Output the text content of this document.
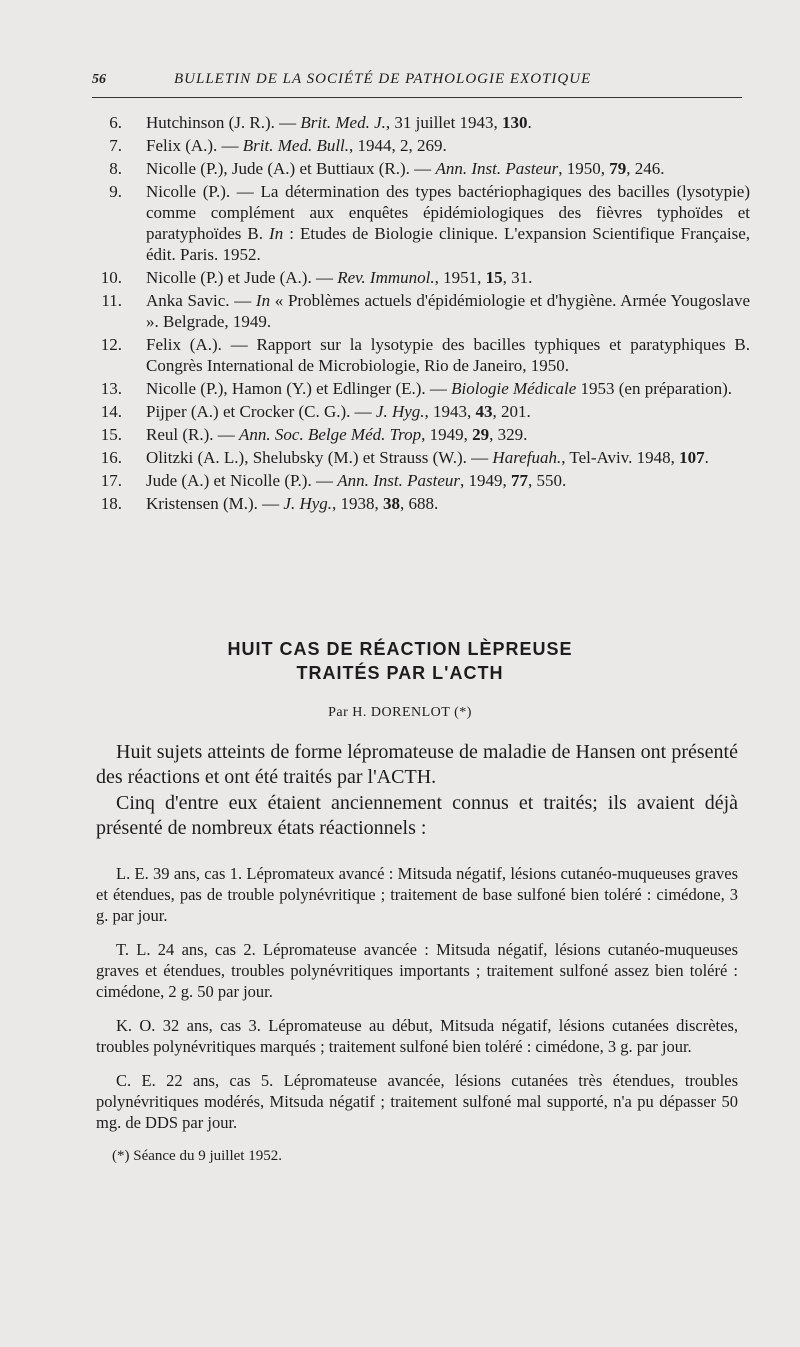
56	BULLETIN DE LA SOCIÉTÉ DE PATHOLOGIE EXOTIQUE
6. Hutchinson (J. R.). — Brit. Med. J., 31 juillet 1943, 130.
7. Felix (A.). — Brit. Med. Bull., 1944, 2, 269.
8. Nicolle (P.), Jude (A.) et Buttiaux (R.). — Ann. Inst. Pasteur, 1950, 79, 246.
9. Nicolle (P.). — La détermination des types bactériophagiques des bacilles (lysotypie) comme complément aux enquêtes épidémiologiques des fièvres typhoïdes et paratyphoïdes B. In : Etudes de Biologie clinique. L'expansion Scientifique Française, édit. Paris. 1952.
10. Nicolle (P.) et Jude (A.). — Rev. Immunol., 1951, 15, 31.
11. Anka Savic. — In « Problèmes actuels d'épidémiologie et d'hygiène. Armée Yougoslave ». Belgrade, 1949.
12. Felix (A.). — Rapport sur la lysotypie des bacilles typhiques et paratyphiques B. Congrès International de Microbiologie, Rio de Janeiro, 1950.
13. Nicolle (P.), Hamon (Y.) et Edlinger (E.). — Biologie Médicale 1953 (en préparation).
14. Pijper (A.) et Crocker (C. G.). — J. Hyg., 1943, 43, 201.
15. Reul (R.). — Ann. Soc. Belge Méd. Trop, 1949, 29, 329.
16. Olitzki (A. L.), Shelubsky (M.) et Strauss (W.). — Harefuah., Tel-Aviv. 1948, 107.
17. Jude (A.) et Nicolle (P.). — Ann. Inst. Pasteur, 1949, 77, 550.
18. Kristensen (M.). — J. Hyg., 1938, 38, 688.
HUIT CAS DE RÉACTION LÈPREUSE
TRAITÉS PAR L'ACTH
Par H. DORENLOT (*)

Huit sujets atteints de forme lépromateuse de maladie de Hansen ont présenté des réactions et ont été traités par l'ACTH.

Cinq d'entre eux étaient anciennement connus et traités; ils avaient déjà présenté de nombreux états réactionnels :

L. E. 39 ans, cas 1. Lépromateux avancé : Mitsuda négatif, lésions cutanéo-muqueuses graves et étendues, pas de trouble polynévritique ; traitement de base sulfoné bien toléré : cimédone, 3 g. par jour.

T. L. 24 ans, cas 2. Lépromateuse avancée : Mitsuda négatif, lésions cutanéo-muqueuses graves et étendues, troubles polynévritiques importants ; traitement sulfoné assez bien toléré : cimédone, 2 g. 50 par jour.

K. O. 32 ans, cas 3. Lépromateuse au début, Mitsuda négatif, lésions cutanées discrètes, troubles polynévritiques marqués ; traitement sulfoné bien toléré : cimédone, 3 g. par jour.

C. E. 22 ans, cas 5. Lépromateuse avancée, lésions cutanées très étendues, troubles polynévritiques modérés, Mitsuda négatif ; traitement sulfoné mal supporté, n'a pu dépasser 50 mg. de DDS par jour.

(*) Séance du 9 juillet 1952.
